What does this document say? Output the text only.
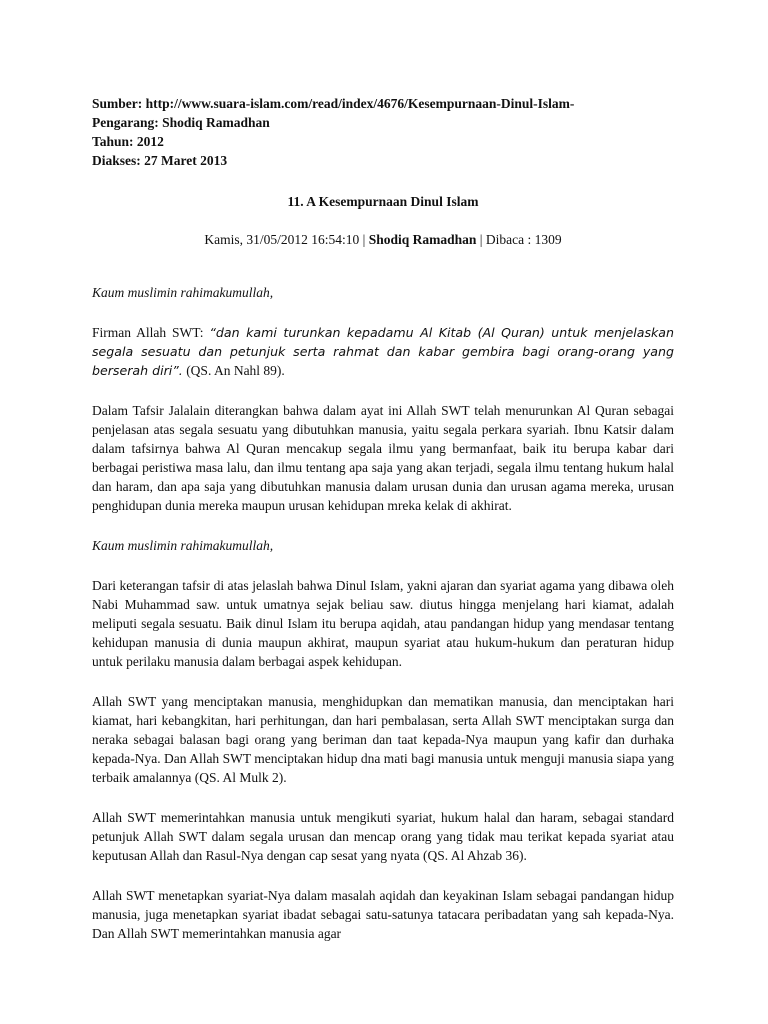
Sumber: http://www.suara-islam.com/read/index/4676/Kesempurnaan-Dinul-Islam-
Pengarang: Shodiq Ramadhan
Tahun: 2012
Diakses: 27 Maret 2013
11. A Kesempurnaan Dinul Islam
Kamis, 31/05/2012 16:54:10 | Shodiq Ramadhan | Dibaca : 1309

Kaum muslimin rahimakumullah,

Firman Allah SWT: “dan kami turunkan kepadamu Al Kitab (Al Quran) untuk menjelaskan segala sesuatu dan petunjuk serta rahmat dan kabar gembira bagi orang-orang yang berserah diri”. (QS. An Nahl 89).

Dalam Tafsir Jalalain diterangkan bahwa dalam ayat ini Allah SWT telah menurunkan Al Quran sebagai penjelasan atas segala sesuatu yang dibutuhkan manusia, yaitu segala perkara syariah. Ibnu Katsir dalam dalam tafsirnya bahwa Al Quran mencakup segala ilmu yang bermanfaat, baik itu berupa kabar dari berbagai peristiwa masa lalu, dan ilmu tentang apa saja yang akan terjadi, segala ilmu tentang hukum halal dan haram, dan apa saja yang dibutuhkan manusia dalam urusan dunia dan urusan agama mereka, urusan penghidupan dunia mereka maupun urusan kehidupan mreka kelak di akhirat.

Kaum muslimin rahimakumullah,

Dari keterangan tafsir di atas jelaslah bahwa Dinul Islam, yakni ajaran dan syariat agama yang dibawa oleh Nabi Muhammad saw. untuk umatnya sejak beliau saw. diutus hingga menjelang hari kiamat, adalah meliputi segala sesuatu. Baik dinul Islam itu berupa aqidah, atau pandangan hidup yang mendasar tentang kehidupan manusia di dunia maupun akhirat, maupun syariat atau hukum-hukum dan peraturan hidup untuk perilaku manusia dalam berbagai aspek kehidupan.

Allah SWT yang menciptakan manusia, menghidupkan dan mematikan manusia, dan menciptakan hari kiamat, hari kebangkitan, hari perhitungan, dan hari pembalasan, serta Allah SWT menciptakan surga dan neraka sebagai balasan bagi orang yang beriman dan taat kepada-Nya maupun yang kafir dan durhaka kepada-Nya. Dan Allah SWT menciptakan hidup dna mati bagi manusia untuk menguji manusia siapa yang terbaik amalannya (QS. Al Mulk 2).

Allah SWT memerintahkan manusia untuk mengikuti syariat, hukum halal dan haram, sebagai standard petunjuk Allah SWT dalam segala urusan dan mencap orang yang tidak mau terikat kepada syariat atau keputusan Allah dan Rasul-Nya dengan cap sesat yang nyata (QS. Al Ahzab 36).

Allah SWT menetapkan syariat-Nya dalam masalah aqidah dan keyakinan Islam sebagai pandangan hidup manusia, juga menetapkan syariat ibadat sebagai satu-satunya tatacara peribadatan yang sah kepada-Nya. Dan Allah SWT memerintahkan manusia agar
